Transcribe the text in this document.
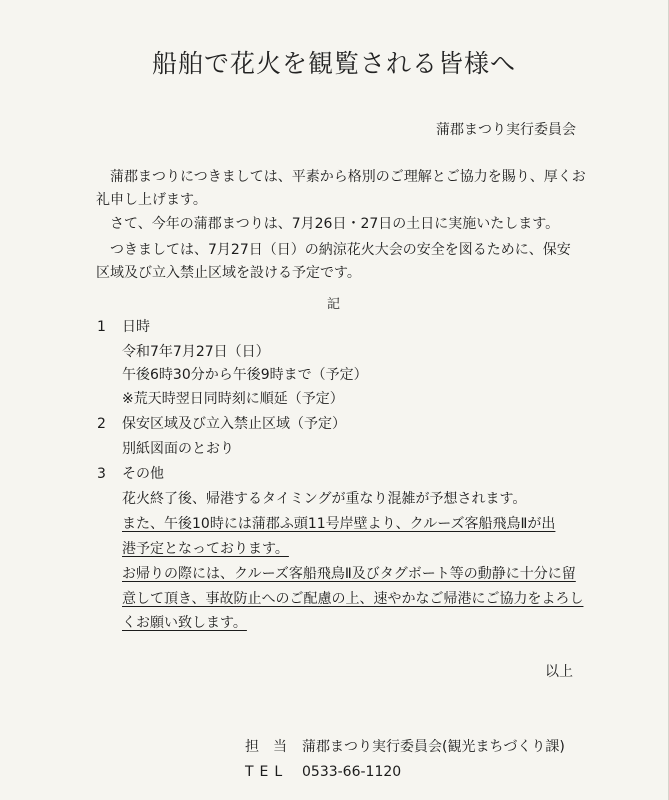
船舶で花火を観覧される皆様へ
蒲郡まつり実行委員会
蒲郡まつりにつきましては、平素から格別のご理解とご協力を賜り、厚くお
礼申し上げます。
さて、今年の蒲郡まつりは、7月26日・27日の土日に実施いたします。
つきましては、7月27日（日）の納涼花火大会の安全を図るために、保安
区域及び立入禁止区域を設ける予定です。
記
1 日時
令和7年7月27日（日）
午後6時30分から午後9時まで（予定）
※荒天時翌日同時刻に順延（予定）
2 保安区域及び立入禁止区域（予定）
別紙図面のとおり
3 その他
花火終了後、帰港するタイミングが重なり混雑が予想されます。
また、午後10時には蒲郡ふ頭11号岸壁より、クルーズ客船飛鳥Ⅱが出
港予定となっております。
お帰りの際には、クルーズ客船飛鳥Ⅱ及びタグボート等の動静に十分に留
意して頂き、事故防止へのご配慮の上、速やかなご帰港にご協力をよろし
くお願い致します。
以上
担　当 蒲郡まつり実行委員会(観光まちづくり課)
TEL 0533-66-1120
